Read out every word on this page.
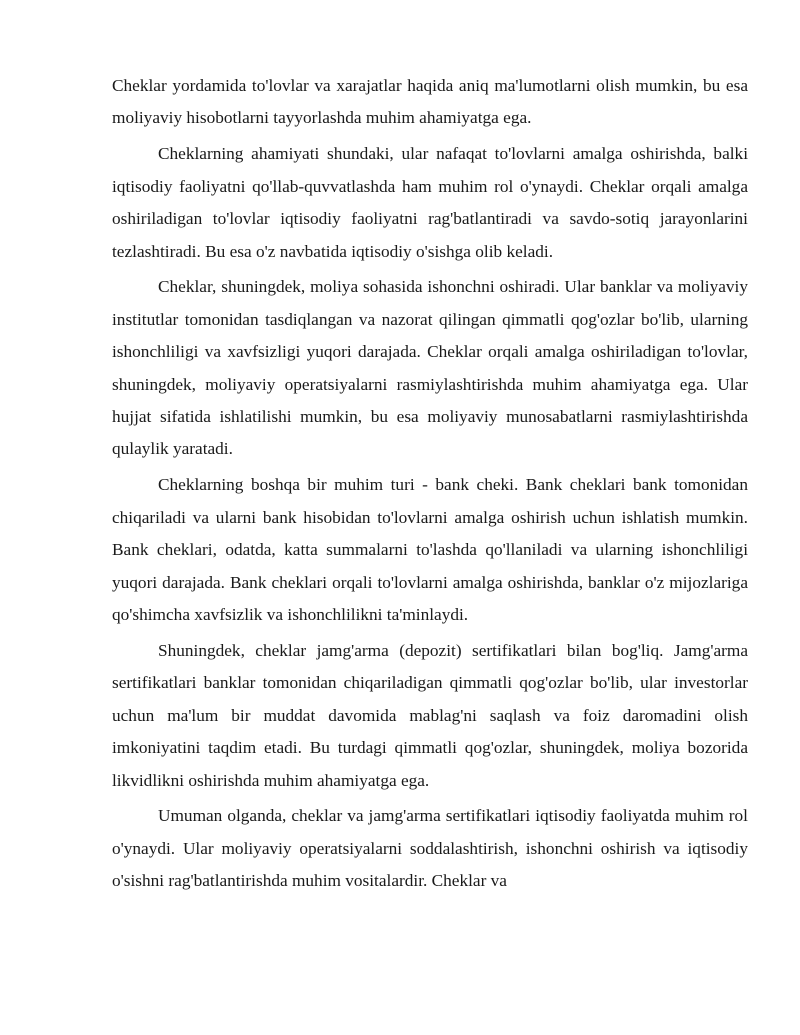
Cheklar yordamida to'lovlar va xarajatlar haqida aniq ma'lumotlarni olish mumkin, bu esa moliyaviy hisobotlarni tayyorlashda muhim ahamiyatga ega.

Cheklarning ahamiyati shundaki, ular nafaqat to'lovlarni amalga oshirishda, balki iqtisodiy faoliyatni qo'llab-quvvatlashda ham muhim rol o'ynaydi. Cheklar orqali amalga oshiriladigan to'lovlar iqtisodiy faoliyatni rag'batlantiradi va savdo-sotiq jarayonlarini tezlashtiradi. Bu esa o'z navbatida iqtisodiy o'sishga olib keladi.

Cheklar, shuningdek, moliya sohasida ishonchni oshiradi. Ular banklar va moliyaviy institutlar tomonidan tasdiqlangan va nazorat qilingan qimmatli qog'ozlar bo'lib, ularning ishonchliligi va xavfsizligi yuqori darajada. Cheklar orqali amalga oshiriladigan to'lovlar, shuningdek, moliyaviy operatsiyalarni rasmiylashtirishda muhim ahamiyatga ega. Ular hujjat sifatida ishlatilishi mumkin, bu esa moliyaviy munosabatlarni rasmiylashtirishda qulaylik yaratadi.

Cheklarning boshqa bir muhim turi - bank cheki. Bank cheklari bank tomonidan chiqariladi va ularni bank hisobidan to'lovlarni amalga oshirish uchun ishlatish mumkin. Bank cheklari, odatda, katta summalarni to'lashda qo'llaniladi va ularning ishonchliligi yuqori darajada. Bank cheklari orqali to'lovlarni amalga oshirishda, banklar o'z mijozlariga qo'shimcha xavfsizlik va ishonchlilikni ta'minlaydi.

Shuningdek, cheklar jamg'arma (depozit) sertifikatlari bilan bog'liq. Jamg'arma sertifikatlari banklar tomonidan chiqariladigan qimmatli qog'ozlar bo'lib, ular investorlar uchun ma'lum bir muddat davomida mablag'ni saqlash va foiz daromadini olish imkoniyatini taqdim etadi. Bu turdagi qimmatli qog'ozlar, shuningdek, moliya bozorida likvidlikni oshirishda muhim ahamiyatga ega.

Umuman olganda, cheklar va jamg'arma sertifikatlari iqtisodiy faoliyatda muhim rol o'ynaydi. Ular moliyaviy operatsiyalarni soddalashtirish, ishonchni oshirish va iqtisodiy o'sishni rag'batlantirishda muhim vositalardir. Cheklar va
